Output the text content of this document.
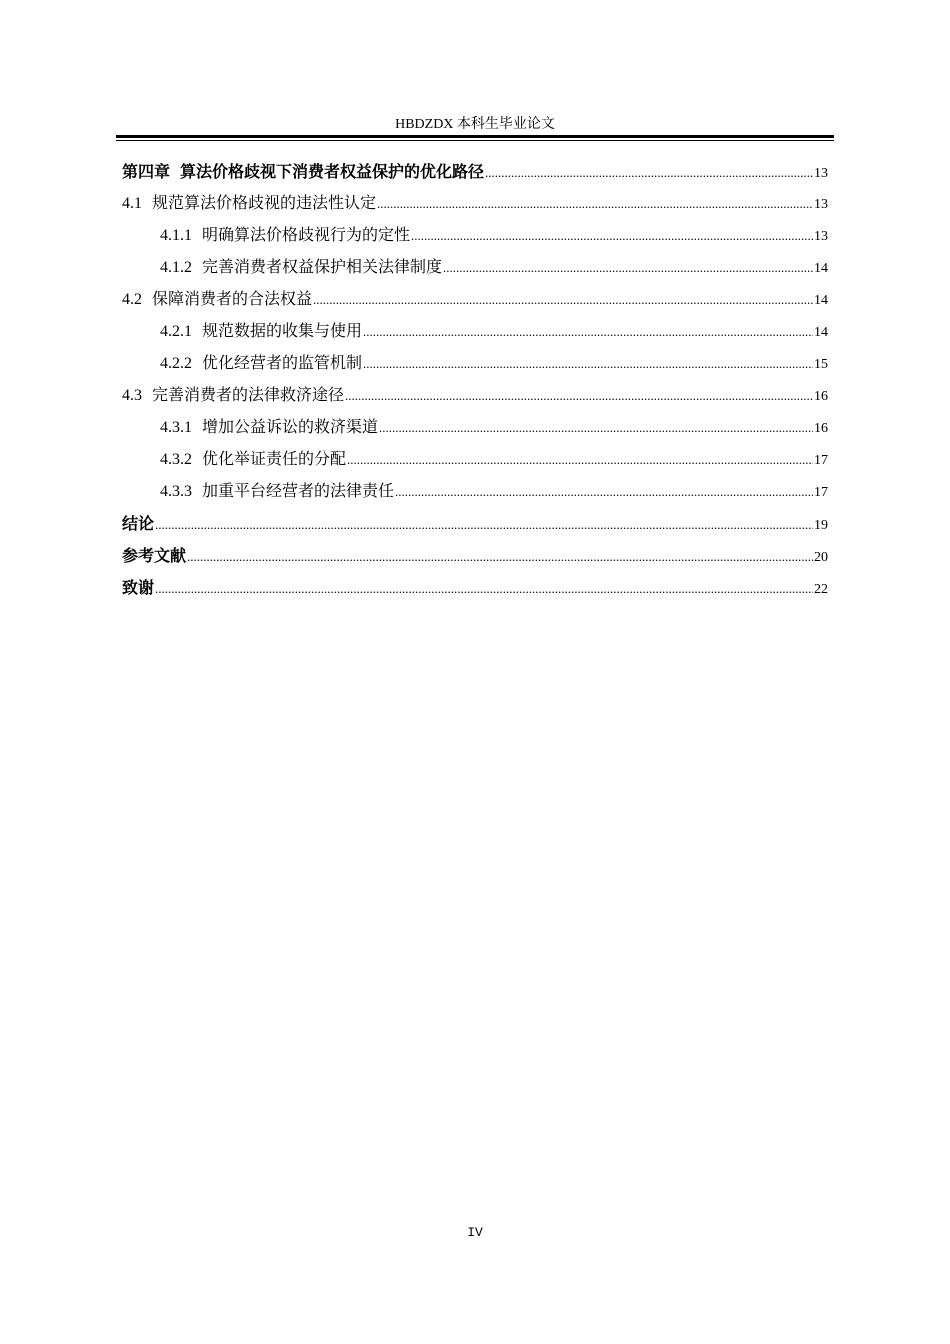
HBDZDX 本科生毕业论文
第四章 算法价格歧视下消费者权益保护的优化路径 .....	13
4.1 规范算法价格歧视的违法性认定 .....	13
4.1.1 明确算法价格歧视行为的定性 .....	13
4.1.2 完善消费者权益保护相关法律制度 .....	14
4.2 保障消费者的合法权益 .....	14
4.2.1 规范数据的收集与使用 .....	14
4.2.2 优化经营者的监管机制 .....	15
4.3 完善消费者的法律救济途径 .....	16
4.3.1 增加公益诉讼的救济渠道 .....	16
4.3.2 优化举证责任的分配 .....	17
4.3.3 加重平台经营者的法律责任 .....	17
结论 .....	19
参考文献 .....	20
致谢 .....	22
IV
